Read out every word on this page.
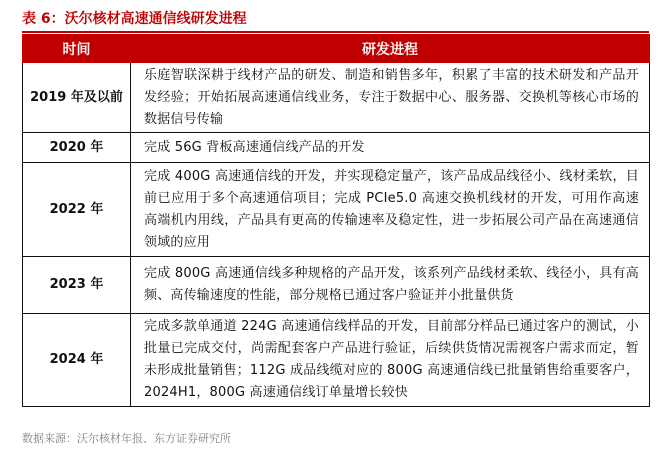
表 6：沃尔核材高速通信线研发进程
时间	研发进程
2019 年及以前	乐庭智联深耕于线材产品的研发、制造和销售多年，积累了丰富的技术研发和产品开发经验；开始拓展高速通信线业务，专注于数据中心、服务器、交换机等核心市场的数据信号传输
2020 年	完成 56G 背板高速通信线产品的开发
2022 年	完成 400G 高速通信线的开发，并实现稳定量产，该产品成品线径小、线材柔软，目前已应用于多个高速通信项目；完成 PCIe5.0 高速交换机线材的开发，可用作高速高端机内用线，产品具有更高的传输速率及稳定性，进一步拓展公司产品在高速通信领域的应用
2023 年	完成 800G 高速通信线多种规格的产品开发，该系列产品线材柔软、线径小，具有高频、高传输速度的性能，部分规格已通过客户验证并小批量供货
2024 年	完成多款单通道 224G 高速通信线样品的开发，目前部分样品已通过客户的测试，小批量已完成交付，尚需配套客户产品进行验证，后续供货情况需视客户需求而定，暂未形成批量销售；112G 成品线缆对应的 800G 高速通信线已批量销售给重要客户，2024H1，800G 高速通信线订单量增长较快
数据来源：沃尔核材年报、东方证券研究所
